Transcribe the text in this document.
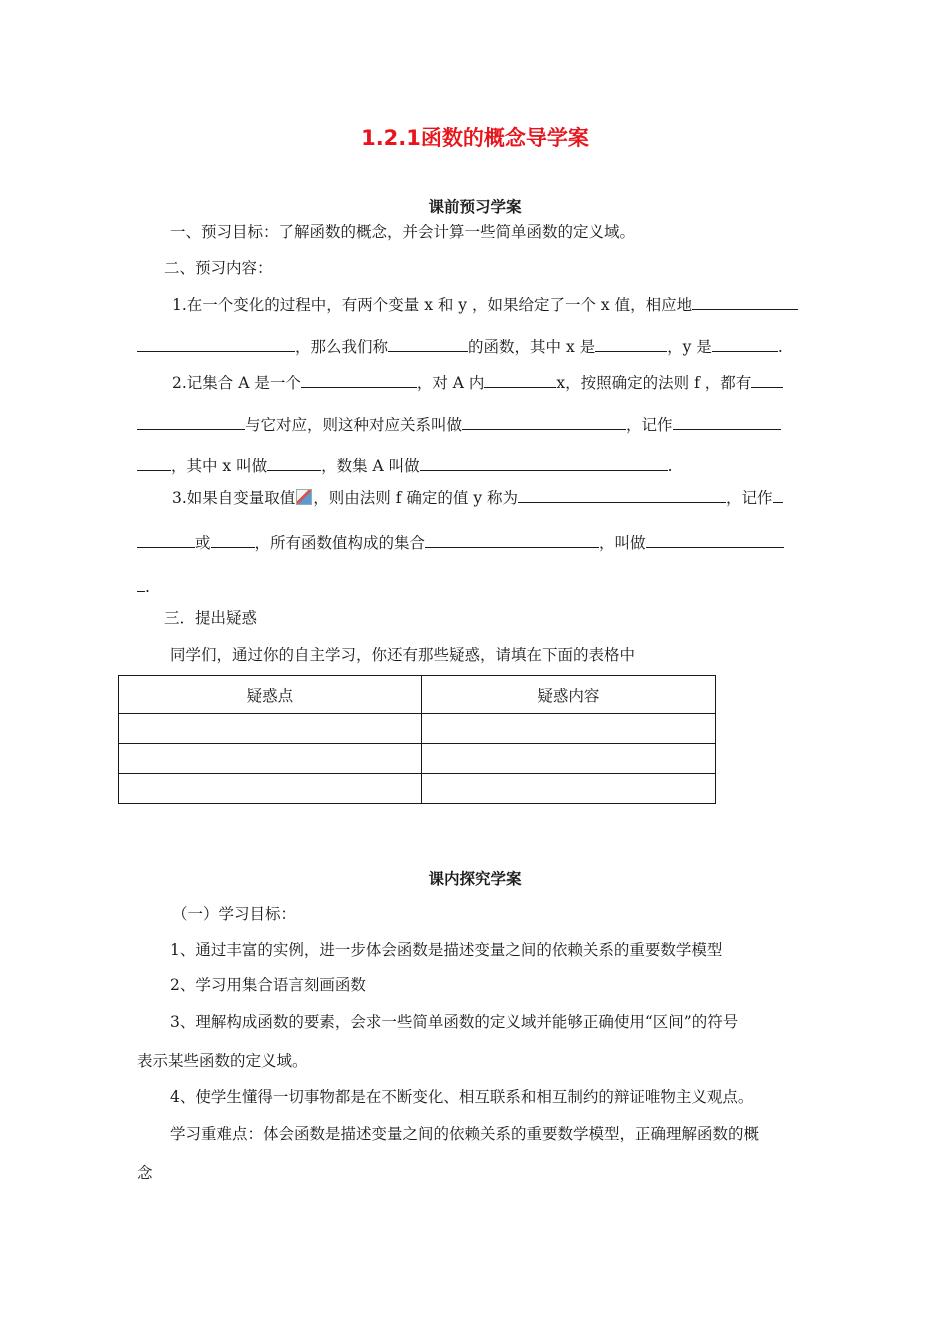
1.2.1函数的概念导学案
课前预习学案
一、预习目标：了解函数的概念，并会计算一些简单函数的定义域。
二、预习内容：
1.在一个变化的过程中，有两个变量 x 和 y ，如果给定了一个 x 值，相应地
，那么我们称	的函数，其中 x 是	，y 是	.
2.记集合 A 是一个	，对 A 内	x，按照确定的法则 f ，都有
与它对应，则这种对应关系叫做	，记作
，其中 x 叫做	，数集 A 叫做	.
3.如果自变量取值 ，则由法则 f 确定的值 y 称为	，记作
或	，所有函数值构成的集合	，叫做
.
三．提出疑惑
同学们，通过你的自主学习，你还有那些疑惑，请填在下面的表格中
疑惑点	疑惑内容

课内探究学案
（一）学习目标：
1、通过丰富的实例，进一步体会函数是描述变量之间的依赖关系的重要数学模型
2、学习用集合语言刻画函数
3、理解构成函数的要素，会求一些简单函数的定义域并能够正确使用“区间”的符号
表示某些函数的定义域。
4、使学生懂得一切事物都是在不断变化、相互联系和相互制约的辩证唯物主义观点。
学习重难点：体会函数是描述变量之间的依赖关系的重要数学模型，正确理解函数的概
念
